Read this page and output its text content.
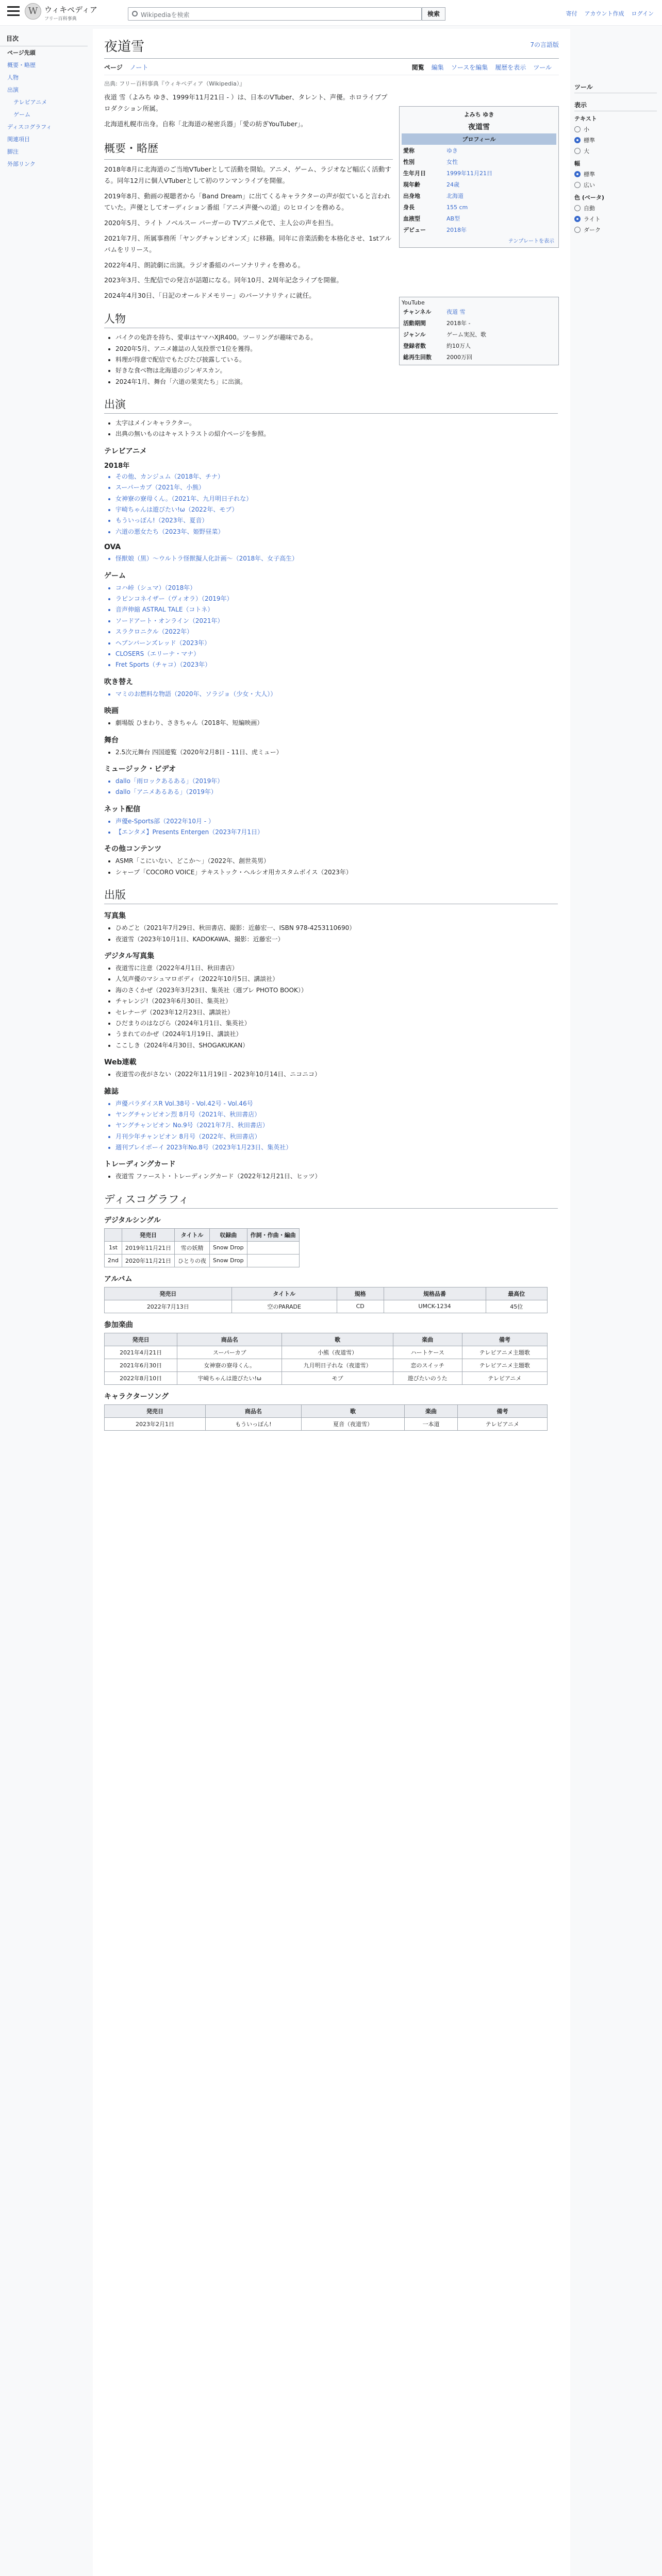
W ウィキペディア
フリー百科事典
Wikipediaを検索	検索	寄付 アカウント作成 ログイン
目次
ページ先頭
概要・略歴
人物
出演
テレビアニメ
ゲーム
ディスコグラフィ
関連項目
脚注
外部リンク
ツール
表示
テキスト
小
標準
大
幅
標準
広い
色 (ベータ)
自動
ライト
ダーク
夜道雪	7の言語版
ページ ノート	閲覧 編集 ソースを編集 履歴を表示 ツール
出典: フリー百科事典『ウィキペディア（Wikipedia）』
よみち ゆき
夜道雪
プロフィール
愛称	ゆき
性別	女性
生年月日	1999年11月21日
現年齢	24歳
出身地	北海道
身長	155 cm
血液型	AB型
デビュー	2018年
テンプレートを表示
YouTube
チャンネル	夜道 雪
活動期間	2018年 -
ジャンル	ゲーム実況、歌
登録者数	約10万人
総再生回数	2000万回

夜道 雪（よみち ゆき、1999年11月21日 - ）は、日本のVTuber、タレント、声優。ホロライブプロダクション所属。

北海道札幌市出身。自称「北海道の秘密兵器」「愛の紡ぎYouTuber」。

概要・略歴

2018年8月に北海道のご当地VTuberとして活動を開始。アニメ、ゲーム、ラジオなど幅広く活動する。同年12月に個人VTuberとして初のワンマンライブを開催。

2019年8月、動画の視聴者から「Band Dream」に出てくるキャラクターの声が似ていると言われていた。声優としてオーディション番組「アニメ声優への道」のヒロインを務める。

2020年5月、ライト ノベルスー パーガーの TVアニメ化で、主人公の声を担当。

2021年7月、所属事務所「ヤングチャンピオンズ」に移籍。同年に音楽活動を本格化させ、1stアルバムをリリース。

2022年4月、朗読劇に出演。ラジオ番組のパーソナリティを務める。

2023年3月、生配信での発言が話題になる。同年10月、2周年記念ライブを開催。

2024年4月30日、「日記のオールドメモリー」のパーソナリティに就任。

人物
• バイクの免許を持ち、愛車はヤマハXJR400。ツーリングが趣味である。
• 2020年5月、アニメ雑誌の人気投票で1位を獲得。
• 料理が得意で配信でもたびたび披露している。
• 好きな食べ物は北海道のジンギスカン。
• 2024年1月、舞台「六道の果実たち」に出演。
出演
• 太字はメインキャラクター。
• 出典の無いものはキャストラストの紹介ページを参照。
テレビアニメ
2018年
• その他、カンジュム（2018年、チナ）
• スーパーカブ（2021年、小熊）
• 女神寮の寮母くん。（2021年、九月明日子れな）
• 宇崎ちゃんは遊びたい!ω（2022年、モブ）
• もういっぽん!（2023年、夏音）
• 六道の悪女たち（2023年、姫野昼菜）
OVA
• 怪獣娘（黒）〜ウルトラ怪獣擬人化計画〜（2018年、女子高生）
ゲーム
• コハ峠（シュマ）（2018年）
• ラピンコネイザー（ヴィオラ）（2019年）
• 音声伸縮 ASTRAL TALE（コトネ）
• ソードアート・オンライン（2021年）
• スラクロニクル（2022年）
• ヘブンバーンズレッド（2023年）
• CLOSERS（エリーナ・マナ）
• Fret Sports（チャコ）（2023年）
吹き替え
• マミのお燃料な物語（2020年、ソラジョ（少女・大人））
映画
• 劇場版 ひまわり、さきちゃん（2018年、短編映画）
舞台
• 2.5次元舞台 四国遊覧（2020年2月8日 - 11日、虎ミュー）
ミュージック・ビデオ
• dallo「雨ロックあるある」（2019年）
• dallo「アニメあるある」（2019年）
ネット配信
• 声優e-Sports部（2022年10月 - ）
• 【エンタメ】Presents Entergen（2023年7月1日）
その他コンテンツ
• ASMR「こにいない、どこか〜」（2022年、創世英男）
• シャープ「COCORO VOICE」テキストック・ヘルシオ用カスタムボイス（2023年）
出版
写真集
• ひめごと（2021年7月29日、秋田書店、撮影：近藤宏一、ISBN 978-4253110690）
• 夜道雪（2023年10月1日、KADOKAWA、撮影：近藤宏一）
デジタル写真集
• 夜道雪に注意（2022年4月1日、秋田書店）
• 人気声優のマシュマロボディ（2022年10月5日、講談社）
• 海のさくかぜ（2023年3月23日、集英社（週プレ PHOTO BOOK））
• チャレンジ!（2023年6月30日、集英社）
• セレナーデ（2023年12月23日、講談社）
• ひだまりのはなびら（2024年1月1日、集英社）
• うまれてのかぜ（2024年1月19日、講談社）
• ここしき（2024年4月30日、SHOGAKUKAN）
Web連載
• 夜道雪の夜がさない（2022年11月19日 - 2023年10月14日、ニコニコ）
雑誌
• 声優パラダイスR Vol.38号 - Vol.42号 - Vol.46号
• ヤングチャンピオン烈 8月号（2021年、秋田書店）
• ヤングチャンピオン No.9号（2021年7月、秋田書店）
• 月刊少年チャンピオン 8月号（2022年、秋田書店）
• 週刊プレイボーイ 2023年No.8号（2023年1月23日、集英社）
トレーディングカード
• 夜道雪 ファースト・トレーディングカード（2022年12月21日、ヒッツ）
ディスコグラフィ
デジタルシングル
	発売日	タイトル	収録曲	作詞・作曲・編曲
1st	2019年11月21日	雪の妖精	Snow Drop	
2nd	2020年11月21日	ひとりの夜	Snow Drop	
アルバム
発売日	タイトル	規格	規格品番	最高位
2022年7月13日	空のPARADE	CD	UMCK-1234	45位
参加楽曲
発売日	商品名	歌	楽曲	備考
2021年4月21日	スーパーカブ	小熊（夜道雪）	ハートケース	テレビアニメ主題歌
2021年6月30日	女神寮の寮母くん。	九月明日子れな（夜道雪）	恋のスイッチ	テレビアニメ主題歌
2022年8月10日	宇崎ちゃんは遊びたい!ω	モブ	遊びたいのうた	テレビアニメ
キャラクターソング
発売日	商品名	歌	楽曲	備考
2023年2月1日	もういっぽん!	夏音（夜道雪）	一本道	テレビアニメ
